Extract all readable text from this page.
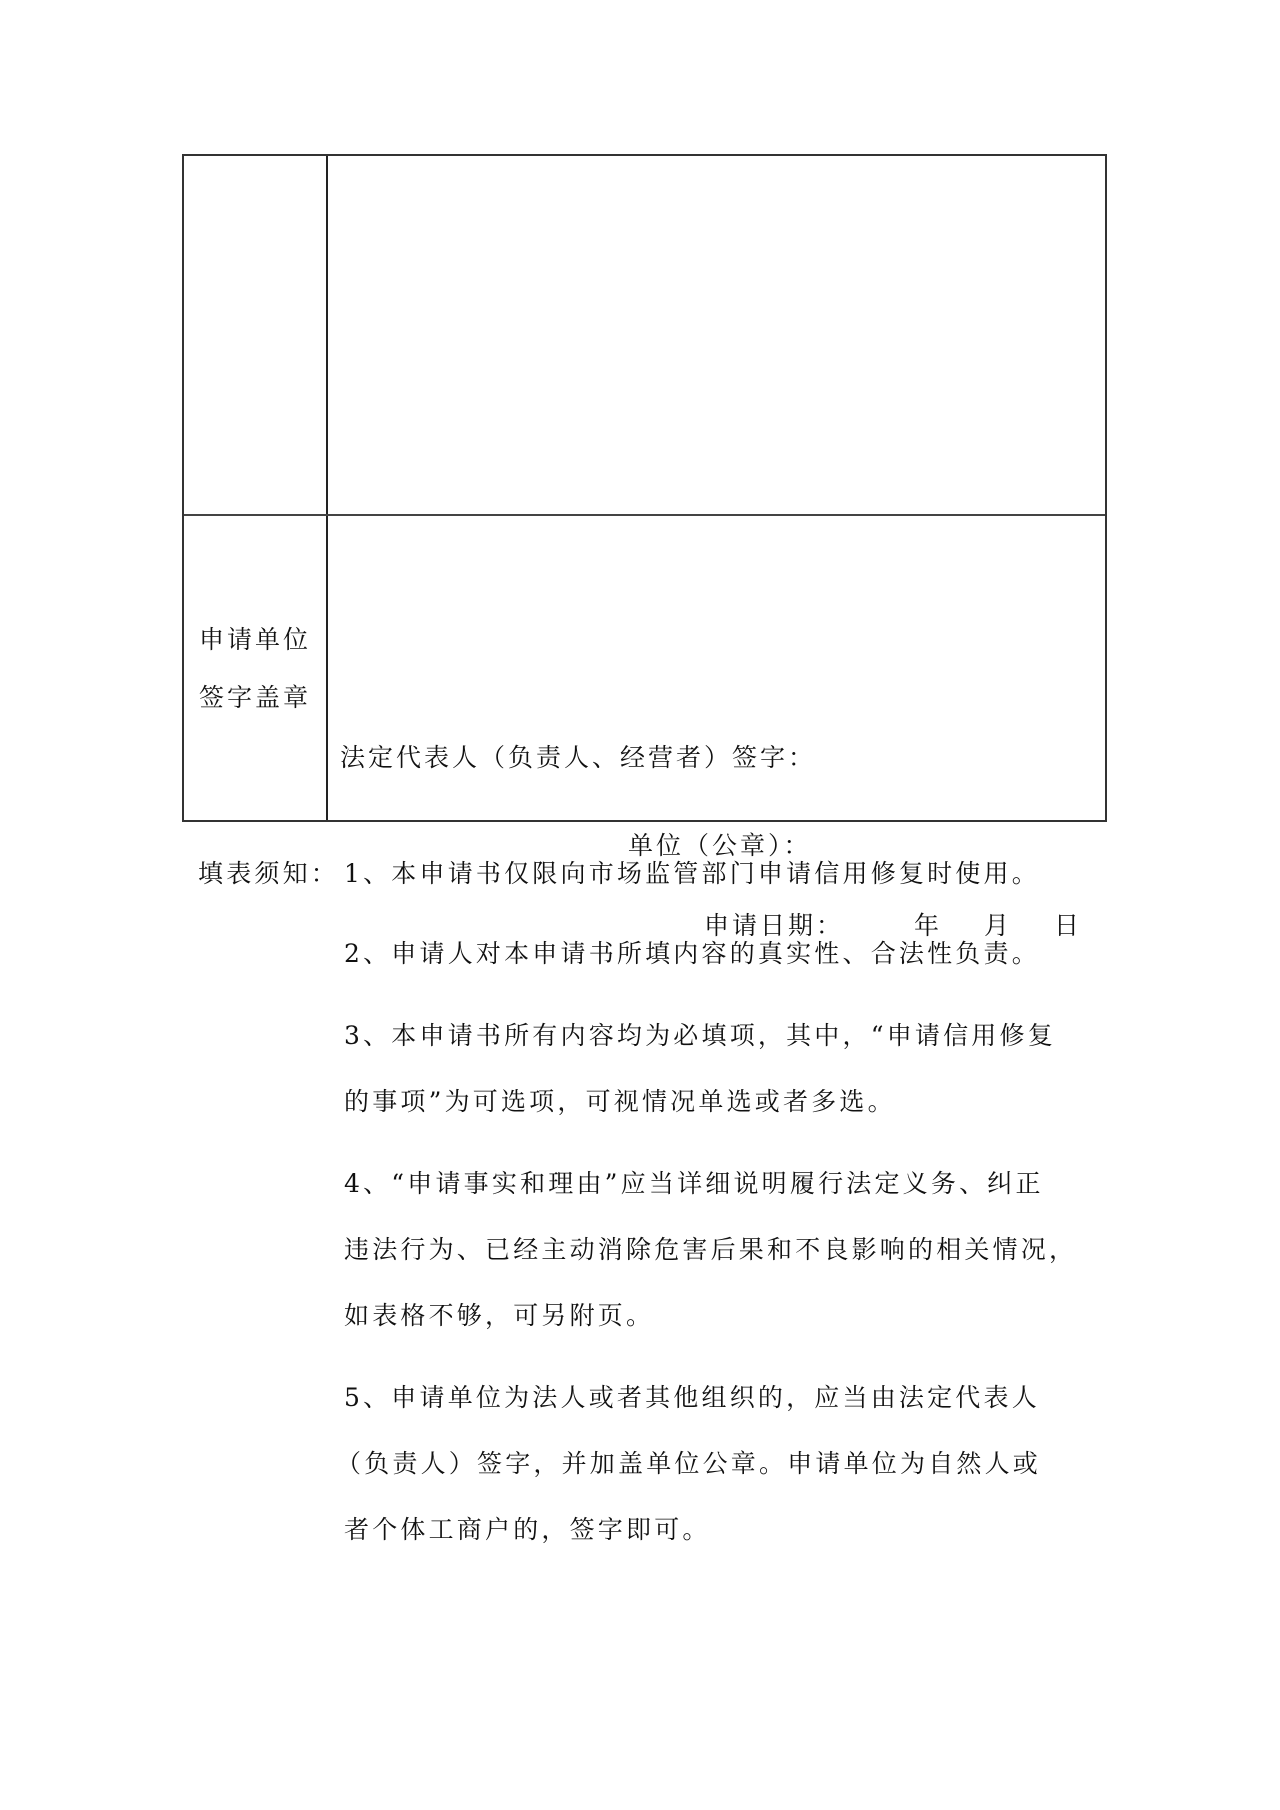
申请单位
签字盖章
法定代表人（负责人、经营者）签字：
单位（公章）：
申请日期：	年 月 日
填表须知： 1、本申请书仅限向市场监管部门申请信用修复时使用。
2、申请人对本申请书所填内容的真实性、合法性负责。
3、本申请书所有内容均为必填项，其中，“申请信用修复
的事项”为可选项，可视情况单选或者多选。
4、“申请事实和理由”应当详细说明履行法定义务、纠正
违法行为、已经主动消除危害后果和不良影响的相关情况，
如表格不够，可另附页。
5、申请单位为法人或者其他组织的，应当由法定代表人
（负责人）签字，并加盖单位公章。申请单位为自然人或
者个体工商户的，签字即可。
